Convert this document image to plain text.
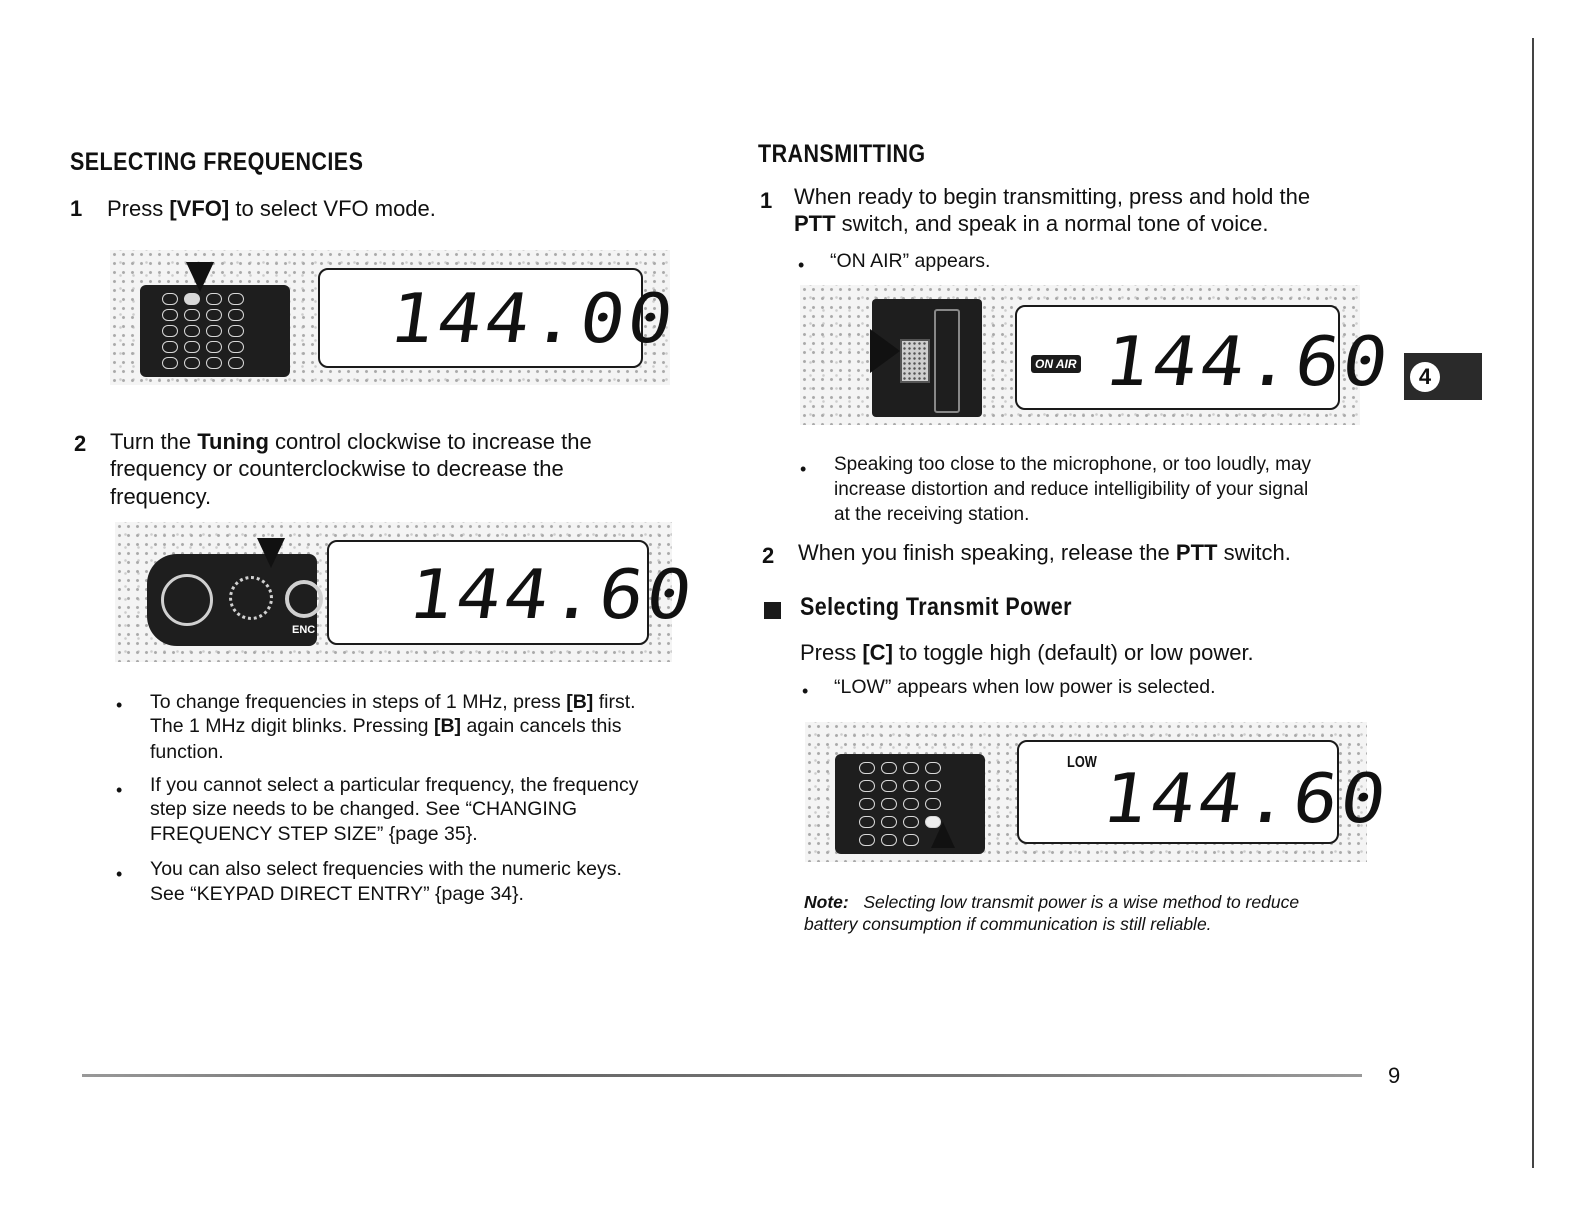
SELECTING FREQUENCIES
1 Press [VFO] to select VFO mode.
144.00
2 Turn the Tuning control clockwise to increase the
frequency or counterclockwise to decrease the
frequency.
ENC 144.60
• To change frequencies in steps of 1 MHz, press [B] first.
The 1 MHz digit blinks. Pressing [B] again cancels this
function.
• If you cannot select a particular frequency, the frequency
step size needs to be changed. See “CHANGING
FREQUENCY STEP SIZE” {page 35}.
• You can also select frequencies with the numeric keys.
See “KEYPAD DIRECT ENTRY” {page 34}.
TRANSMITTING
1 When ready to begin transmitting, press and hold the
PTT switch, and speak in a normal tone of voice.
• “ON AIR” appears.
ON AIR 144.60
• Speaking too close to the microphone, or too loudly, may
increase distortion and reduce intelligibility of your signal
at the receiving station.
2 When you finish speaking, release the PTT switch.
Selecting Transmit Power
Press [C] to toggle high (default) or low power.
• “LOW” appears when low power is selected.
LOW 144.60
Note: Selecting low transmit power is a wise method to reduce
battery consumption if communication is still reliable.
4
9
